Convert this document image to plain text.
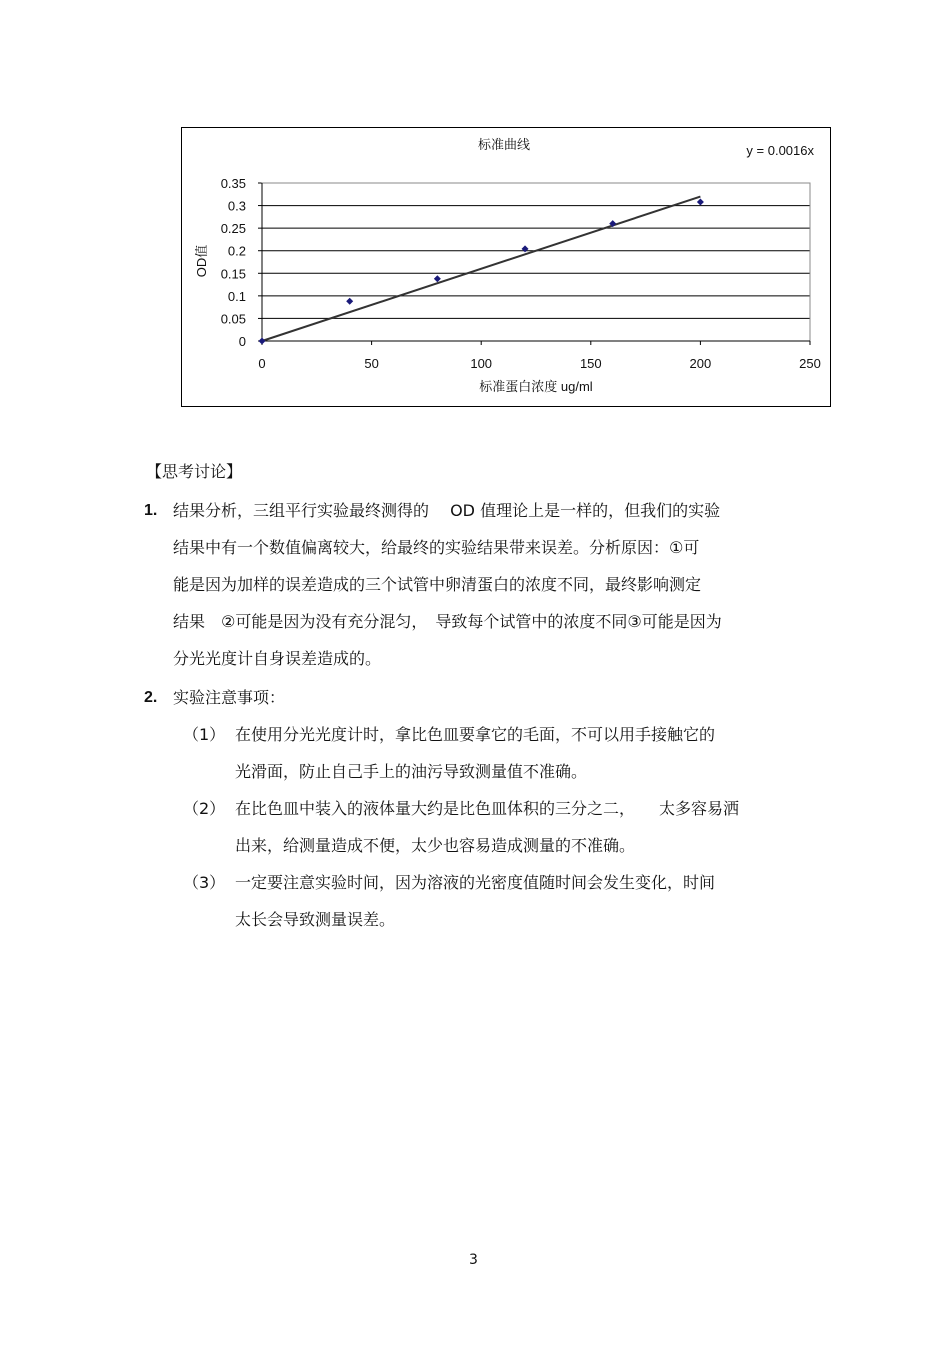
0
0.05
0.1
0.15
0.2
0.25
0.3
0.35
0	50	100	150	200	250
标准曲线	y = 0.0016x
标准蛋白浓度 ug/ml
OD值
【思考讨论】
1. 结果分析，三组平行实验最终测得的　 OD 值理论上是一样的，但我们的实验
结果中有一个数值偏离较大，给最终的实验结果带来误差。分析原因：①可
能是因为加样的误差造成的三个试管中卵清蛋白的浓度不同，最终影响测定
结果　②可能是因为没有充分混匀，　导致每个试管中的浓度不同③可能是因为
分光光度计自身误差造成的。
2. 实验注意事项：
（1） 在使用分光光度计时，拿比色皿要拿它的毛面，不可以用手接触它的
光滑面，防止自己手上的油污导致测量值不准确。
（2） 在比色皿中装入的液体量大约是比色皿体积的三分之二，　　太多容易洒
出来，给测量造成不便，太少也容易造成测量的不准确。
（3） 一定要注意实验时间，因为溶液的光密度值随时间会发生变化，时间
太长会导致测量误差。
3
